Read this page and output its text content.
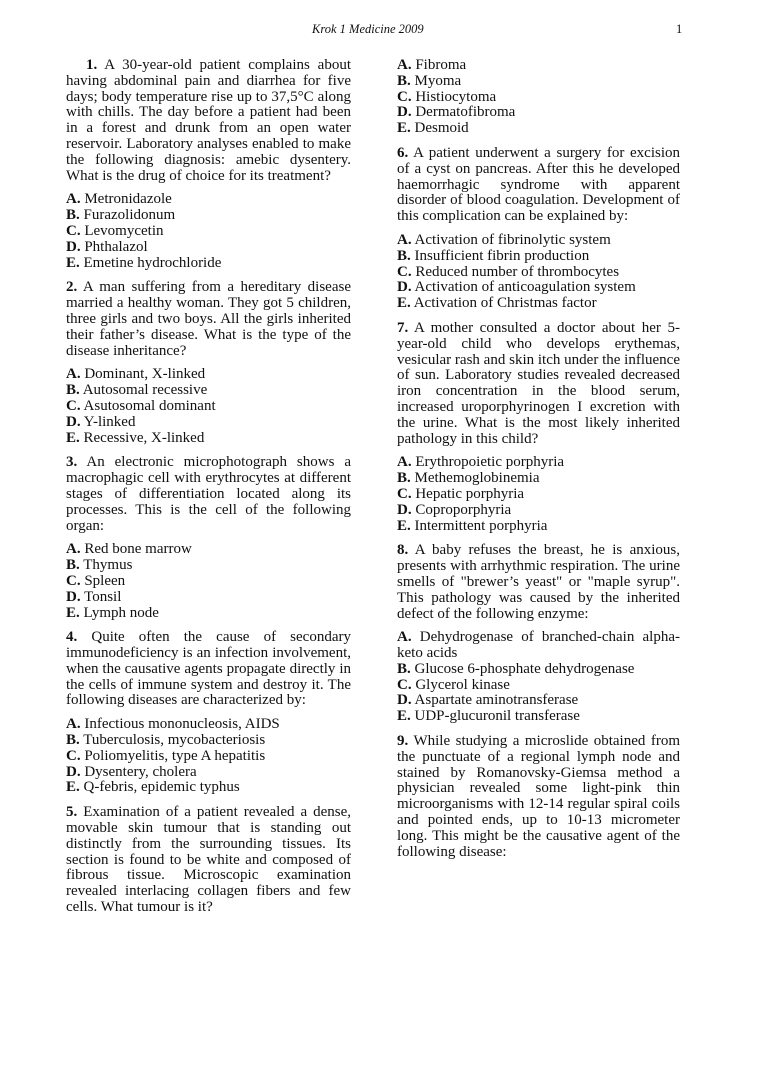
Krok 1 Medicine 2009	1
1. A 30-year-old patient complains about having abdominal pain and diarrhea for five days; body temperature rise up to 37,5°C along with chills. The day before a patient had been in a forest and drunk from an open water reservoir. Laboratory analyses enabled to make the following diagnosis: amebic dysentery. What is the drug of choice for its treatment?
A. Metronidazole
B. Furazolidonum
C. Levomycetin
D. Phthalazol
E. Emetine hydrochloride
2. A man suffering from a hereditary disease married a healthy woman. They got 5 children, three girls and two boys. All the girls inherited their father’s disease. What is the type of the disease inheritance?
A. Dominant, X-linked
B. Autosomal recessive
C. Asutosomal dominant
D. Y-linked
E. Recessive, X-linked
3. An electronic microphotograph shows a macrophagic cell with erythrocytes at different stages of differentiation located along its processes. This is the cell of the following organ:
A. Red bone marrow
B. Thymus
C. Spleen
D. Tonsil
E. Lymph node
4. Quite often the cause of secondary immunodeficiency is an infection involvement, when the causative agents propagate directly in the cells of immune system and destroy it. The following diseases are characterized by:
A. Infectious mononucleosis, AIDS
B. Tuberculosis, mycobacteriosis
C. Poliomyelitis, type A hepatitis
D. Dysentery, cholera
E. Q-febris, epidemic typhus
5. Examination of a patient revealed a dense, movable skin tumour that is standing out distinctly from the surrounding tissues. Its section is found to be white and composed of fibrous tissue. Microscopic examination revealed interlacing collagen fibers and few cells. What tumour is it?
A. Fibroma
B. Myoma
C. Histiocytoma
D. Dermatofibroma
E. Desmoid
6. A patient underwent a surgery for excision of a cyst on pancreas. After this he developed haemorrhagic syndrome with apparent disorder of blood coagulation. Development of this complication can be explained by:
A. Activation of fibrinolytic system
B. Insufficient fibrin production
C. Reduced number of thrombocytes
D. Activation of anticoagulation system
E. Activation of Christmas factor
7. A mother consulted a doctor about her 5-year-old child who develops erythemas, vesicular rash and skin itch under the influence of sun. Laboratory studies revealed decreased iron concentration in the blood serum, increased uroporphyrinogen I excretion with the urine. What is the most likely inherited pathology in this child?
A. Erythropoietic porphyria
B. Methemoglobinemia
C. Hepatic porphyria
D. Coproporphyria
E. Intermittent porphyria
8. A baby refuses the breast, he is anxious, presents with arrhythmic respiration. The urine smells of "brewer’s yeast" or "maple syrup". This pathology was caused by the inherited defect of the following enzyme:
A. Dehydrogenase of branched-chain alpha-keto acids
B. Glucose 6-phosphate dehydrogenase
C. Glycerol kinase
D. Aspartate aminotransferase
E. UDP-glucuronil transferase
9. While studying a microslide obtained from the punctuate of a regional lymph node and stained by Romanovsky-Giemsa method a physician revealed some light-pink thin microorganisms with 12-14 regular spiral coils and pointed ends, up to 10-13 micrometer long. This might be the causative agent of the following disease:
